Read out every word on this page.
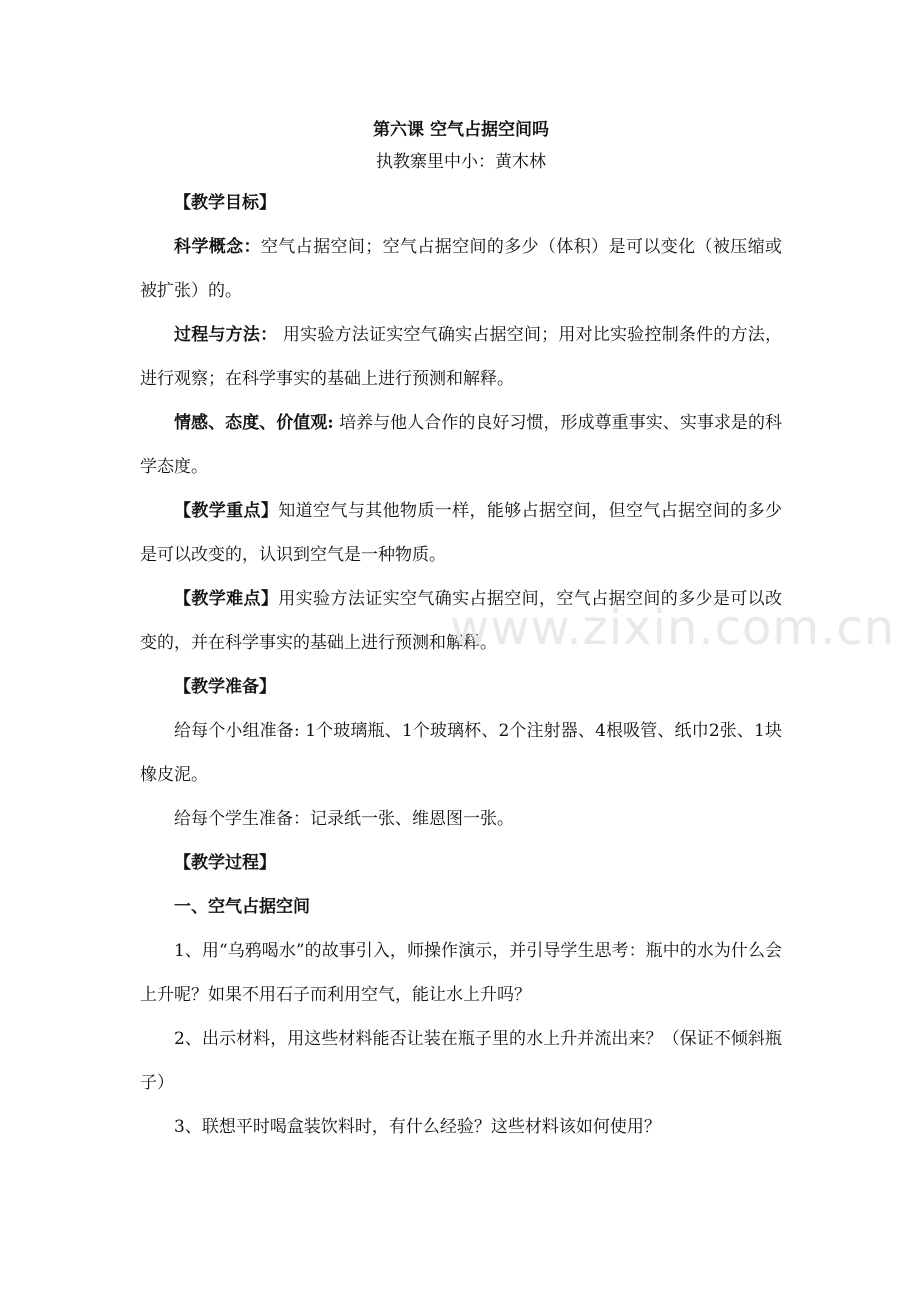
第六课 空气占据空间吗
执教寨里中小：黄木林

【教学目标】

科学概念：空气占据空间；空气占据空间的多少（体积）是可以变化（被压缩或被扩张）的。

过程与方法： 用实验方法证实空气确实占据空间；用对比实验控制条件的方法，进行观察；在科学事实的基础上进行预测和解释。

情感、态度、价值观: 培养与他人合作的良好习惯，形成尊重事实、实事求是的科学态度。

【教学重点】知道空气与其他物质一样，能够占据空间，但空气占据空间的多少是可以改变的，认识到空气是一种物质。

【教学难点】用实验方法证实空气确实占据空间，空气占据空间的多少是可以改变的，并在科学事实的基础上进行预测和解释。

【教学准备】

给每个小组准备: 1个玻璃瓶、1个玻璃杯、2个注射器、4根吸管、纸巾2张、1块橡皮泥。

给每个学生准备：记录纸一张、维恩图一张。

【教学过程】

一、空气占据空间

1、用“乌鸦喝水”的故事引入，师操作演示，并引导学生思考：瓶中的水为什么会上升呢？如果不用石子而利用空气，能让水上升吗？

2、出示材料，用这些材料能否让装在瓶子里的水上升并流出来？（保证不倾斜瓶子）

3、联想平时喝盒装饮料时，有什么经验？这些材料该如何使用？

www.zixin.com.cn
